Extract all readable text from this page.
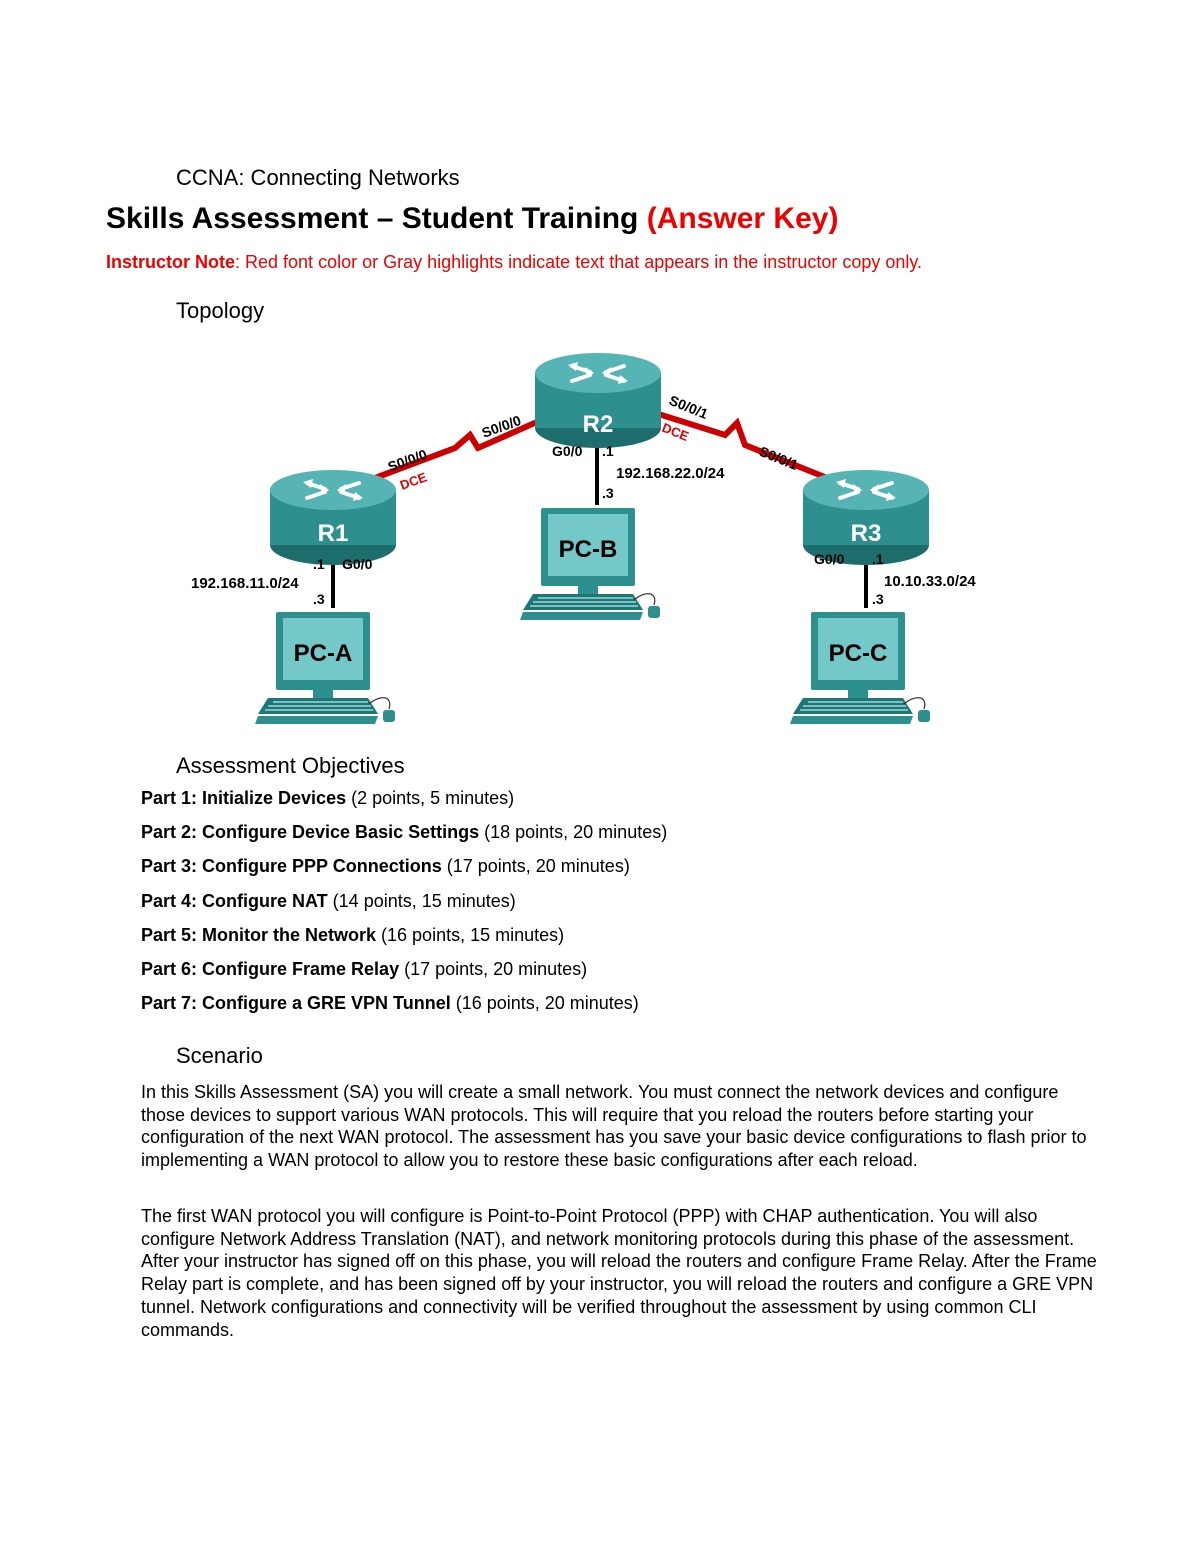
CCNA: Connecting Networks
Skills Assessment – Student Training (Answer Key)
Instructor Note: Red font color or Gray highlights indicate text that appears in the instructor copy only.
Topology
R2
R1	R3
PC-A
PC-B
PC-C
S0/0/0
DCE
S0/0/0
S0/0/1
DCE
S0/0/1
G0/0
.1
192.168.11.0/24
.3
G0/0 .1
192.168.22.0/24
.3
G0/0 .1
10.10.33.0/24
.3
Assessment Objectives
Part 1: Initialize Devices (2 points, 5 minutes)
Part 2: Configure Device Basic Settings (18 points, 20 minutes)
Part 3: Configure PPP Connections (17 points, 20 minutes)
Part 4: Configure NAT (14 points, 15 minutes)
Part 5: Monitor the Network (16 points, 15 minutes)
Part 6: Configure Frame Relay (17 points, 20 minutes)
Part 7: Configure a GRE VPN Tunnel (16 points, 20 minutes)
Scenario
In this Skills Assessment (SA) you will create a small network. You must connect the network devices and configure those devices to support various WAN protocols. This will require that you reload the routers before starting your configuration of the next WAN protocol. The assessment has you save your basic device configurations to flash prior to implementing a WAN protocol to allow you to restore these basic configurations after each reload.
The first WAN protocol you will configure is Point-to-Point Protocol (PPP) with CHAP authentication. You will also configure Network Address Translation (NAT), and network monitoring protocols during this phase of the assessment. After your instructor has signed off on this phase, you will reload the routers and configure Frame Relay. After the Frame Relay part is complete, and has been signed off by your instructor, you will reload the routers and configure a GRE VPN tunnel. Network configurations and connectivity will be verified throughout the assessment by using common CLI commands.
